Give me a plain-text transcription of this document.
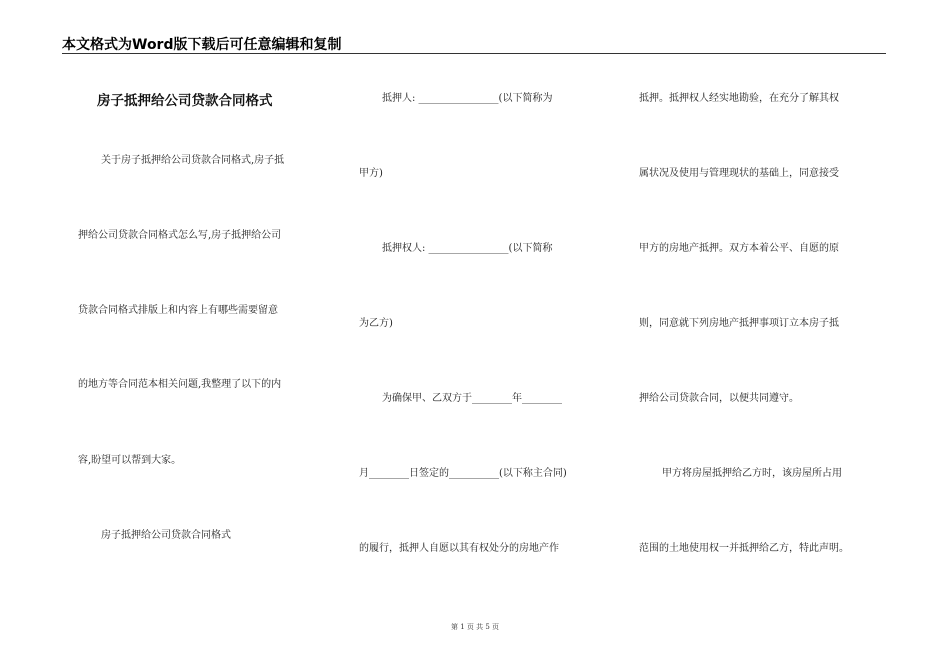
本文格式为Word版下载后可任意编辑和复制
房子抵押给公司贷款合同格式
关于房子抵押给公司贷款合同格式,房子抵
押给公司贷款合同格式怎么写,房子抵押给公司
贷款合同格式排版上和内容上有哪些需要留意
的地方等合同范本相关问题,我整理了以下的内
容,盼望可以帮到大家。
房子抵押给公司贷款合同格式
抵押人: ________________(以下简称为
甲方)
抵押权人: ________________(以下简称
为乙方)
为确保甲、乙双方于________年________
月________日签定的__________(以下称主合同)
的履行，抵押人自愿以其有权处分的房地产作
抵押。抵押权人经实地勘验，在充分了解其权
属状况及使用与管理现状的基础上，同意接受
甲方的房地产抵押。双方本着公平、自愿的原
则，同意就下列房地产抵押事项订立本房子抵
押给公司贷款合同，以便共同遵守。
甲方将房屋抵押给乙方时，该房屋所占用
范围的土地使用权一并抵押给乙方，特此声明。
第 1 页 共 5 页
